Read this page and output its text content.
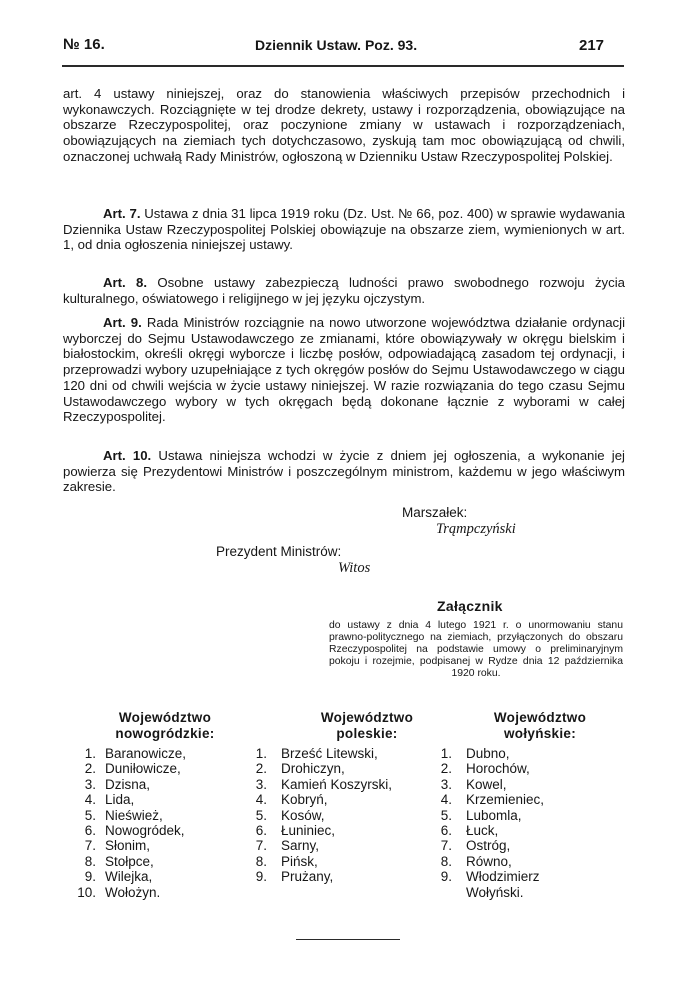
№ 16.	Dziennik Ustaw. Poz. 93.	217

art. 4 ustawy niniejszej, oraz do stanowienia właściwych przepisów przechodnich i wykonawczych. Rozciągnięte w tej drodze dekrety, ustawy i rozporządzenia, obowiązujące na obszarze Rzeczypospolitej, oraz poczynione zmiany w ustawach i rozporządzeniach, obowiązujących na ziemiach tych dotychczasowo, zyskują tam moc obowiązującą od chwili, oznaczonej uchwałą Rady Ministrów, ogłoszoną w Dzienniku Ustaw Rzeczypospolitej Polskiej.

Art. 7. Ustawa z dnia 31 lipca 1919 roku (Dz. Ust. № 66, poz. 400) w sprawie wydawania Dziennika Ustaw Rzeczypospolitej Polskiej obowiązuje na obszarze ziem, wymienionych w art. 1, od dnia ogłoszenia niniejszej ustawy.

Art. 8. Osobne ustawy zabezpieczą ludności prawo swobodnego rozwoju życia kulturalnego, oświatowego i religijnego w jej języku ojczystym.

Art. 9. Rada Ministrów rozciągnie na nowo utworzone województwa działanie ordynacji wyborczej do Sejmu Ustawodawczego ze zmianami, które obowiązywały w okręgu bielskim i białostockim, określi okręgi wyborcze i liczbę posłów, odpowiadającą zasadom tej ordynacji, i przeprowadzi wybory uzupełniające z tych okręgów posłów do Sejmu Ustawodawczego w ciągu 120 dni od chwili wejścia w życie ustawy niniejszej. W razie rozwiązania do tego czasu Sejmu Ustawodawczego wybory w tych okręgach będą dokonane łącznie z wyborami w całej Rzeczypospolitej.

Art. 10. Ustawa niniejsza wchodzi w życie z dniem jej ogłoszenia, a wykonanie jej powierza się Prezydentowi Ministrów i poszczególnym ministrom, każdemu w jego właściwym zakresie.

Marszałek:
Trąmpczyński
Prezydent Ministrów:
Witos
Załącznik
do ustawy z dnia 4 lutego 1921 r. o unormowaniu stanu prawno-politycznego na ziemiach, przyłączonych do obszaru Rzeczypospolitej na podstawie umowy o preliminaryjnym pokoju i rozejmie, podpisanej w Rydze dnia 12 października 1920 roku.
Województwo
nowogródzkie:
1. Baranowicze,
2. Duniłowicze,
3. Dzisna,
4. Lida,
5. Nieśwież,
6. Nowogródek,
7. Słonim,
8. Stołpce,
9. Wilejka,
10. Wołożyn.
Województwo
poleskie:
1. Brześć Litewski,
2. Drohiczyn,
3. Kamień Koszyrski,
4. Kobryń,
5. Kosów,
6. Łuniniec,
7. Sarny,
8. Pińsk,
9. Prużany,
Województwo
wołyńskie:
1. Dubno,
2. Horochów,
3. Kowel,
4. Krzemieniec,
5. Lubomla,
6. Łuck,
7. Ostróg,
8. Równo,
9. Włodzimierz Wołyński.
